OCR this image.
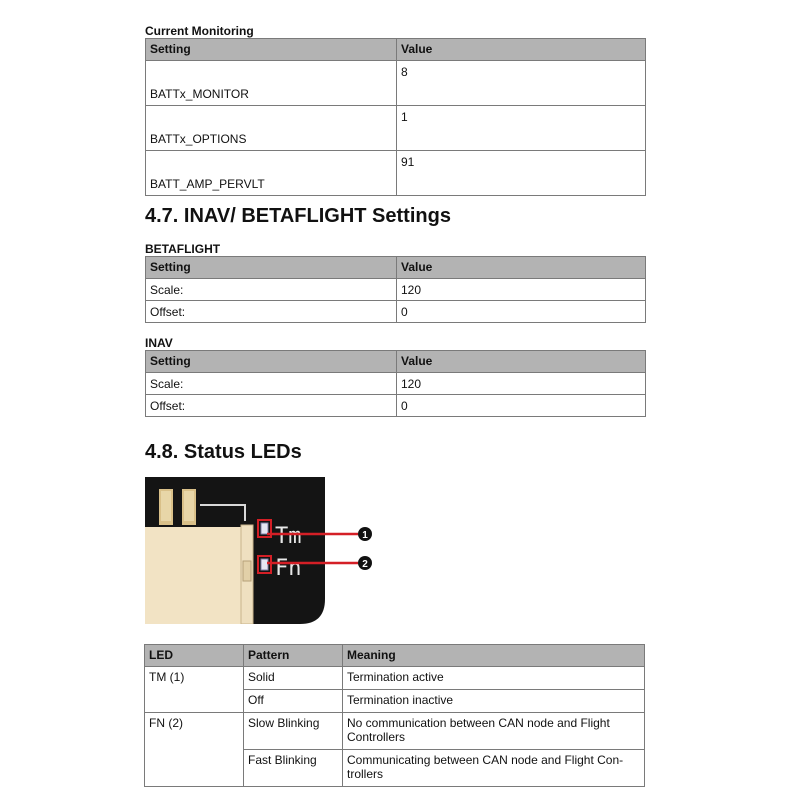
Current Monitoring
Setting	Value
BATTx_MONITOR	8
BATTx_OPTIONS	1
BATT_AMP_PERVLT	91
4.7. INAV/ BETAFLIGHT Settings
BETAFLIGHT
Setting	Value
Scale:	120
Offset:	0
INAV
Setting	Value
Scale:	120
Offset:	0
4.8. Status LEDs
Tm
Fn
1
2
LED	Pattern	Meaning
TM (1)	Solid	Termination active
	Off	Termination inactive
FN (2)	Slow Blinking	No communication between CAN node and Flight Controllers
	Fast Blinking	Communicating between CAN node and Flight Con-trollers
